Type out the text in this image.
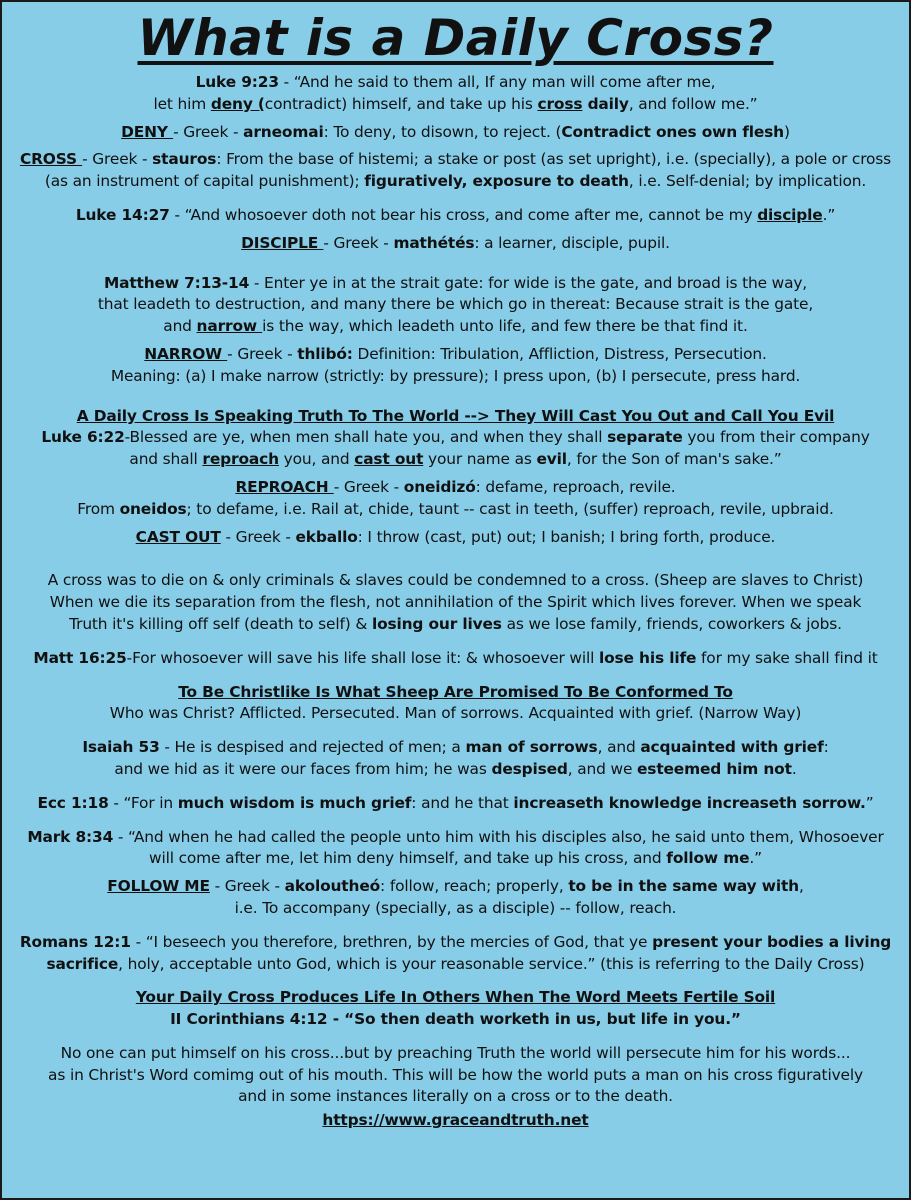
What is a Daily Cross?

Luke 9:23 - “And he said to them all, If any man will come after me,
let him deny (contradict) himself, and take up his cross daily, and follow me.”

DENY - Greek - arneomai: To deny, to disown, to reject. (Contradict ones own flesh)

CROSS - Greek - stauros: From the base of histemi; a stake or post (as set upright), i.e. (specially), a pole or cross
(as an instrument of capital punishment); figuratively, exposure to death, i.e. Self-denial; by implication.

Luke 14:27 - “And whosoever doth not bear his cross, and come after me, cannot be my disciple.”

DISCIPLE - Greek - mathétés: a learner, disciple, pupil.

Matthew 7:13-14 - Enter ye in at the strait gate: for wide is the gate, and broad is the way,
that leadeth to destruction, and many there be which go in thereat: Because strait is the gate,
and narrow is the way, which leadeth unto life, and few there be that find it.

NARROW - Greek - thlibó: Definition: Tribulation, Affliction, Distress, Persecution.
Meaning: (a) I make narrow (strictly: by pressure); I press upon, (b) I persecute, press hard.

A Daily Cross Is Speaking Truth To The World --> They Will Cast You Out and Call You Evil
Luke 6:22-Blessed are ye, when men shall hate you, and when they shall separate you from their company
and shall reproach you, and cast out your name as evil, for the Son of man's sake.”

REPROACH - Greek - oneidizó: defame, reproach, revile.
From oneidos; to defame, i.e. Rail at, chide, taunt -- cast in teeth, (suffer) reproach, revile, upbraid.

CAST OUT - Greek - ekballo: I throw (cast, put) out; I banish; I bring forth, produce.

A cross was to die on & only criminals & slaves could be condemned to a cross. (Sheep are slaves to Christ)
When we die its separation from the flesh, not annihilation of the Spirit which lives forever. When we speak
Truth it's killing off self (death to self) & losing our lives as we lose family, friends, coworkers & jobs.

Matt 16:25-For whosoever will save his life shall lose it: & whosoever will lose his life for my sake shall find it

To Be Christlike Is What Sheep Are Promised To Be Conformed To
Who was Christ? Afflicted. Persecuted. Man of sorrows. Acquainted with grief. (Narrow Way)

Isaiah 53 - He is despised and rejected of men; a man of sorrows, and acquainted with grief:
and we hid as it were our faces from him; he was despised, and we esteemed him not.

Ecc 1:18 - “For in much wisdom is much grief: and he that increaseth knowledge increaseth sorrow.”

Mark 8:34 - “And when he had called the people unto him with his disciples also, he said unto them, Whosoever
will come after me, let him deny himself, and take up his cross, and follow me.”

FOLLOW ME - Greek - akoloutheó: follow, reach; properly, to be in the same way with,
i.e. To accompany (specially, as a disciple) -- follow, reach.

Romans 12:1 - “I beseech you therefore, brethren, by the mercies of God, that ye present your bodies a living
sacrifice, holy, acceptable unto God, which is your reasonable service.” (this is referring to the Daily Cross)

Your Daily Cross Produces Life In Others When The Word Meets Fertile Soil
II Corinthians 4:12 - “So then death worketh in us, but life in you.”

No one can put himself on his cross...but by preaching Truth the world will persecute him for his words...
as in Christ's Word comimg out of his mouth. This will be how the world puts a man on his cross figuratively
and in some instances literally on a cross or to the death.

https://www.graceandtruth.net
